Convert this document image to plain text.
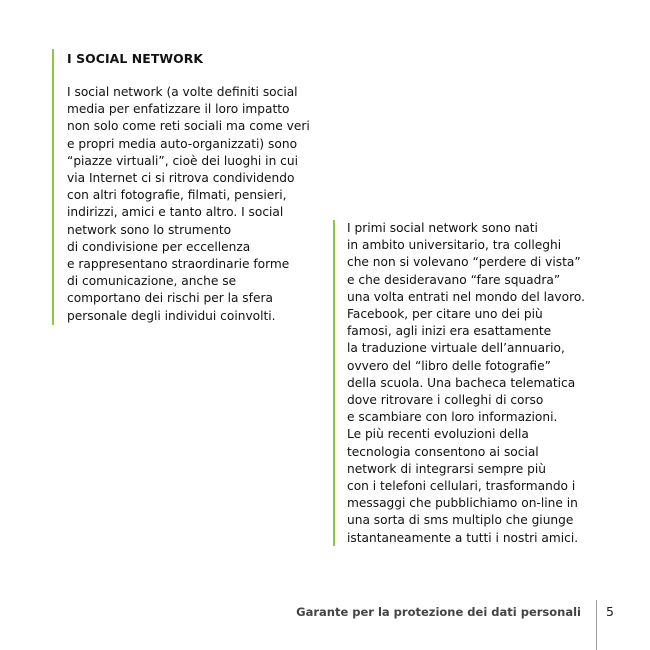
I SOCIAL NETWORK
I social network (a volte definiti social
media per enfatizzare il loro impatto
non solo come reti sociali ma come veri
e propri media auto-organizzati) sono
“piazze virtuali”, cioè dei luoghi in cui
via Internet ci si ritrova condividendo
con altri fotografie, filmati, pensieri,
indirizzi, amici e tanto altro. I social
network sono lo strumento
di condivisione per eccellenza
e rappresentano straordinarie forme
di comunicazione, anche se
comportano dei rischi per la sfera
personale degli individui coinvolti.
I primi social network sono nati
in ambito universitario, tra colleghi
che non si volevano “perdere di vista”
e che desideravano “fare squadra”
una volta entrati nel mondo del lavoro.
Facebook, per citare uno dei più
famosi, agli inizi era esattamente
la traduzione virtuale dell’annuario,
ovvero del “libro delle fotografie”
della scuola. Una bacheca telematica
dove ritrovare i colleghi di corso
e scambiare con loro informazioni.
Le più recenti evoluzioni della
tecnologia consentono ai social
network di integrarsi sempre più
con i telefoni cellulari, trasformando i
messaggi che pubblichiamo on-line in
una sorta di sms multiplo che giunge
istantaneamente a tutti i nostri amici.
Garante per la protezione dei dati personali 5
